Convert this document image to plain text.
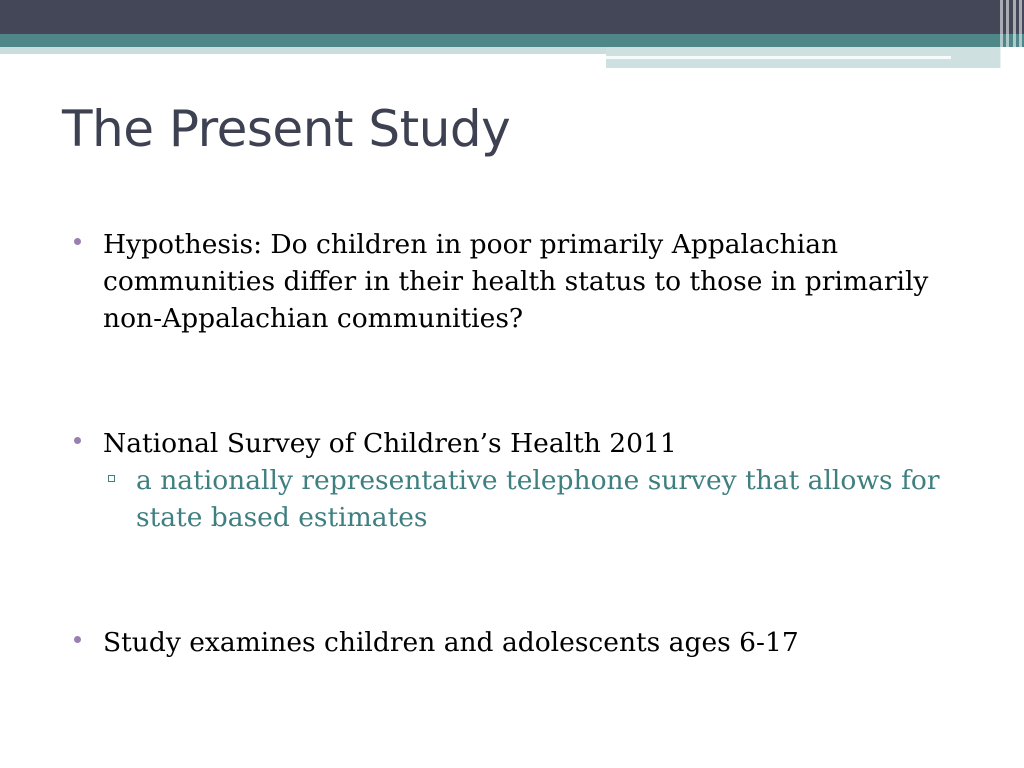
The Present Study
Hypothesis: Do children in poor primarily Appalachian communities differ in their health status to those in primarily non-Appalachian communities?
National Survey of Children’s Health 2011
a nationally representative telephone survey that allows for state based estimates
Study examines children and adolescents ages 6-17
